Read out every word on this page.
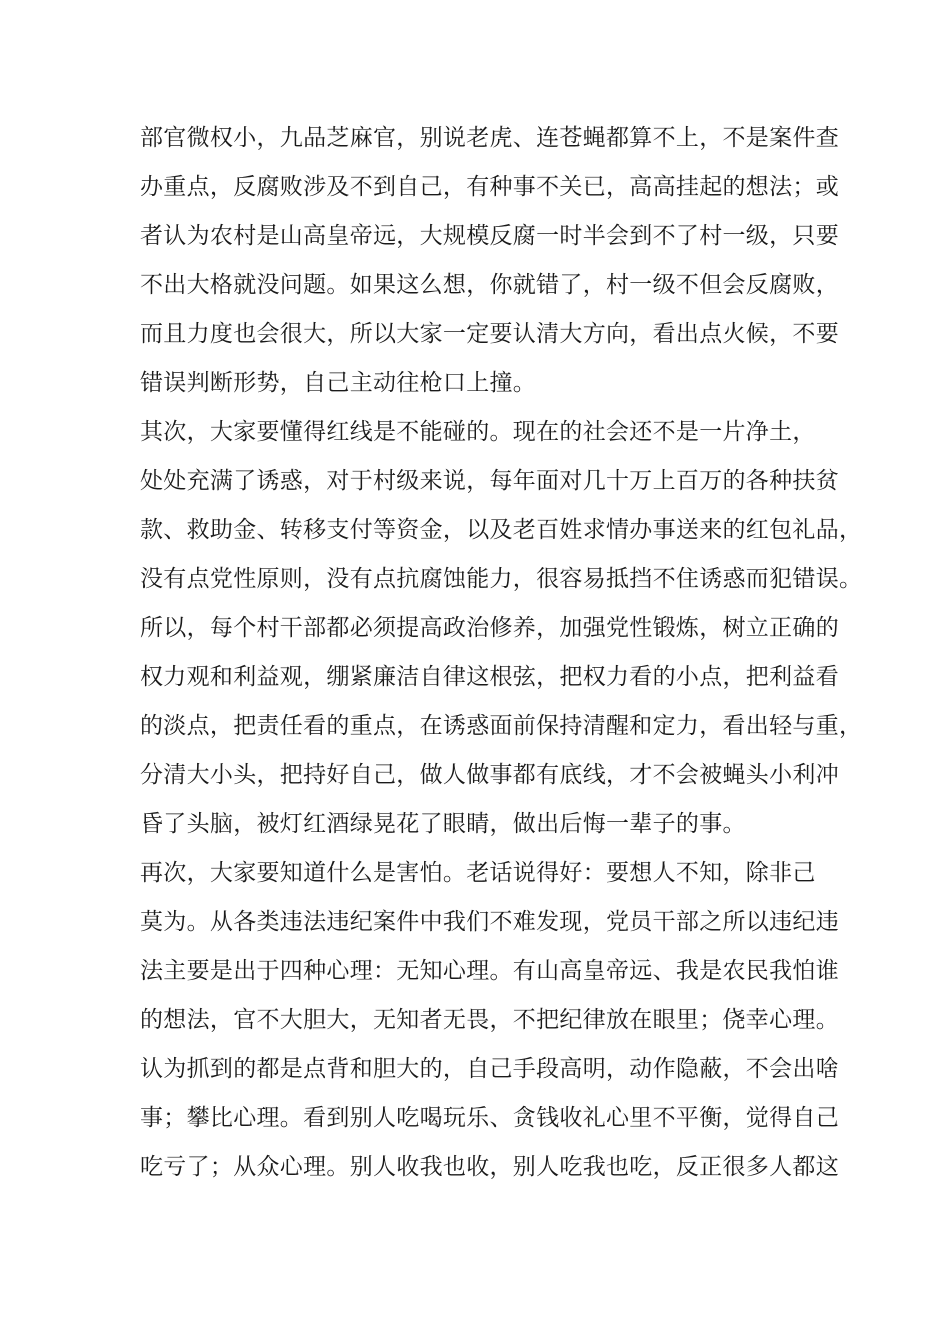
部官微权小，九品芝麻官，别说老虎、连苍蝇都算不上，不是案件查
办重点，反腐败涉及不到自己，有种事不关已，高高挂起的想法；或
者认为农村是山高皇帝远，大规模反腐一时半会到不了村一级，只要
不出大格就没问题。如果这么想，你就错了，村一级不但会反腐败，
而且力度也会很大，所以大家一定要认清大方向，看出点火候，不要
错误判断形势，自己主动往枪口上撞。
其次，大家要懂得红线是不能碰的。现在的社会还不是一片净土，
处处充满了诱惑，对于村级来说，每年面对几十万上百万的各种扶贫
款、救助金、转移支付等资金，以及老百姓求情办事送来的红包礼品，
没有点党性原则，没有点抗腐蚀能力，很容易抵挡不住诱惑而犯错误。
所以，每个村干部都必须提高政治修养，加强党性锻炼，树立正确的
权力观和利益观，绷紧廉洁自律这根弦，把权力看的小点，把利益看
的淡点，把责任看的重点，在诱惑面前保持清醒和定力，看出轻与重，
分清大小头，把持好自己，做人做事都有底线，才不会被蝇头小利冲
昏了头脑，被灯红酒绿晃花了眼睛，做出后悔一辈子的事。
再次，大家要知道什么是害怕。老话说得好：要想人不知，除非己
莫为。从各类违法违纪案件中我们不难发现，党员干部之所以违纪违
法主要是出于四种心理：无知心理。有山高皇帝远、我是农民我怕谁
的想法，官不大胆大，无知者无畏，不把纪律放在眼里；侥幸心理。
认为抓到的都是点背和胆大的，自己手段高明，动作隐蔽，不会出啥
事；攀比心理。看到别人吃喝玩乐、贪钱收礼心里不平衡，觉得自己
吃亏了；从众心理。别人收我也收，别人吃我也吃，反正很多人都这
